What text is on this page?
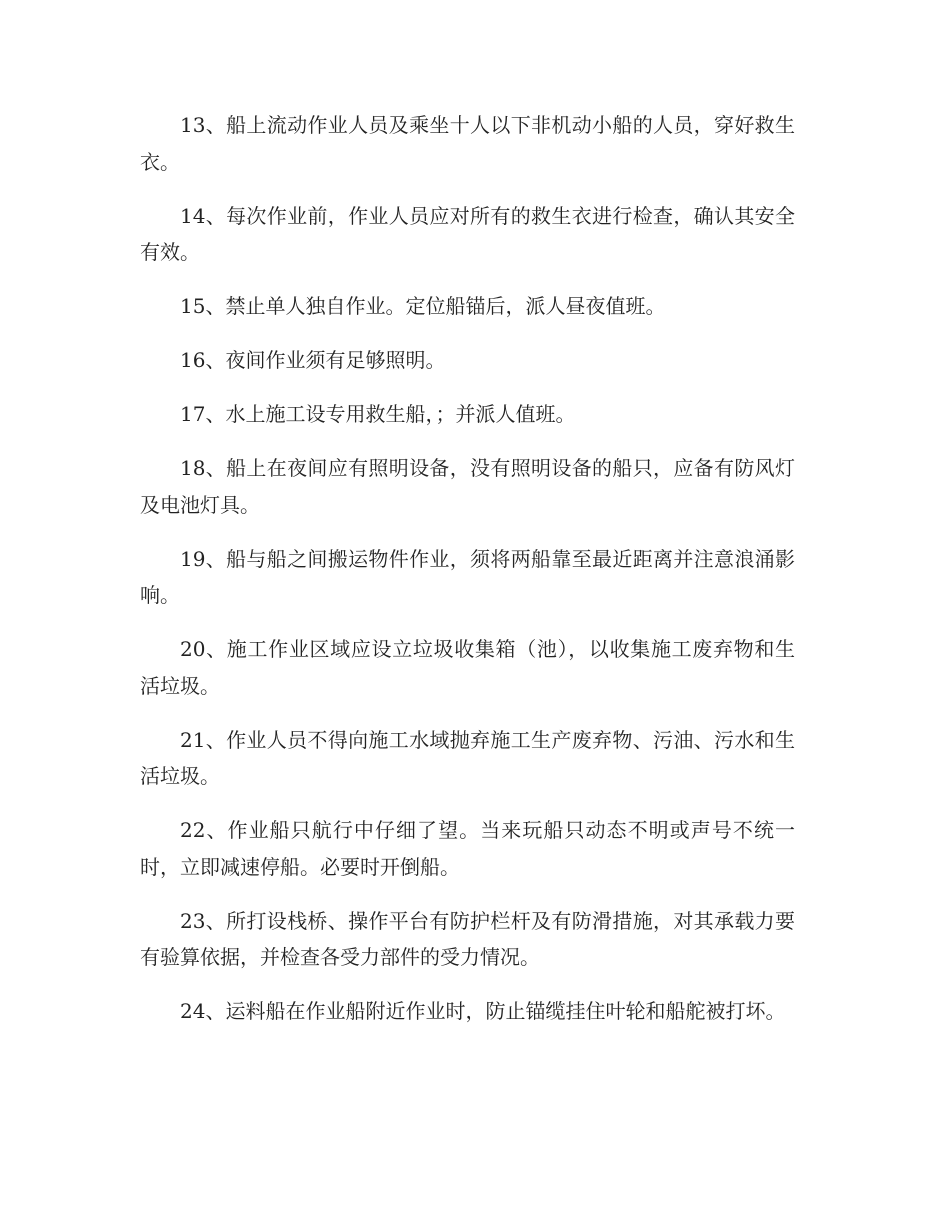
13、船上流动作业人员及乘坐十人以下非机动小船的人员，穿好救生衣。

14、每次作业前，作业人员应对所有的救生衣进行检查，确认其安全有效。

15、禁止单人独自作业。定位船锚后，派人昼夜值班。

16、夜间作业须有足够照明。

17、水上施工设专用救生船，；并派人值班。

18、船上在夜间应有照明设备，没有照明设备的船只，应备有防风灯及电池灯具。

19、船与船之间搬运物件作业，须将两船靠至最近距离并注意浪涌影响。

20、施工作业区域应设立垃圾收集箱（池），以收集施工废弃物和生活垃圾。

21、作业人员不得向施工水域抛弃施工生产废弃物、污油、污水和生活垃圾。

22、作业船只航行中仔细了望。当来玩船只动态不明或声号不统一时，立即减速停船。必要时开倒船。

23、所打设栈桥、操作平台有防护栏杆及有防滑措施，对其承载力要有验算依据，并检查各受力部件的受力情况。

24、运料船在作业船附近作业时，防止锚缆挂住叶轮和船舵被打坏。
